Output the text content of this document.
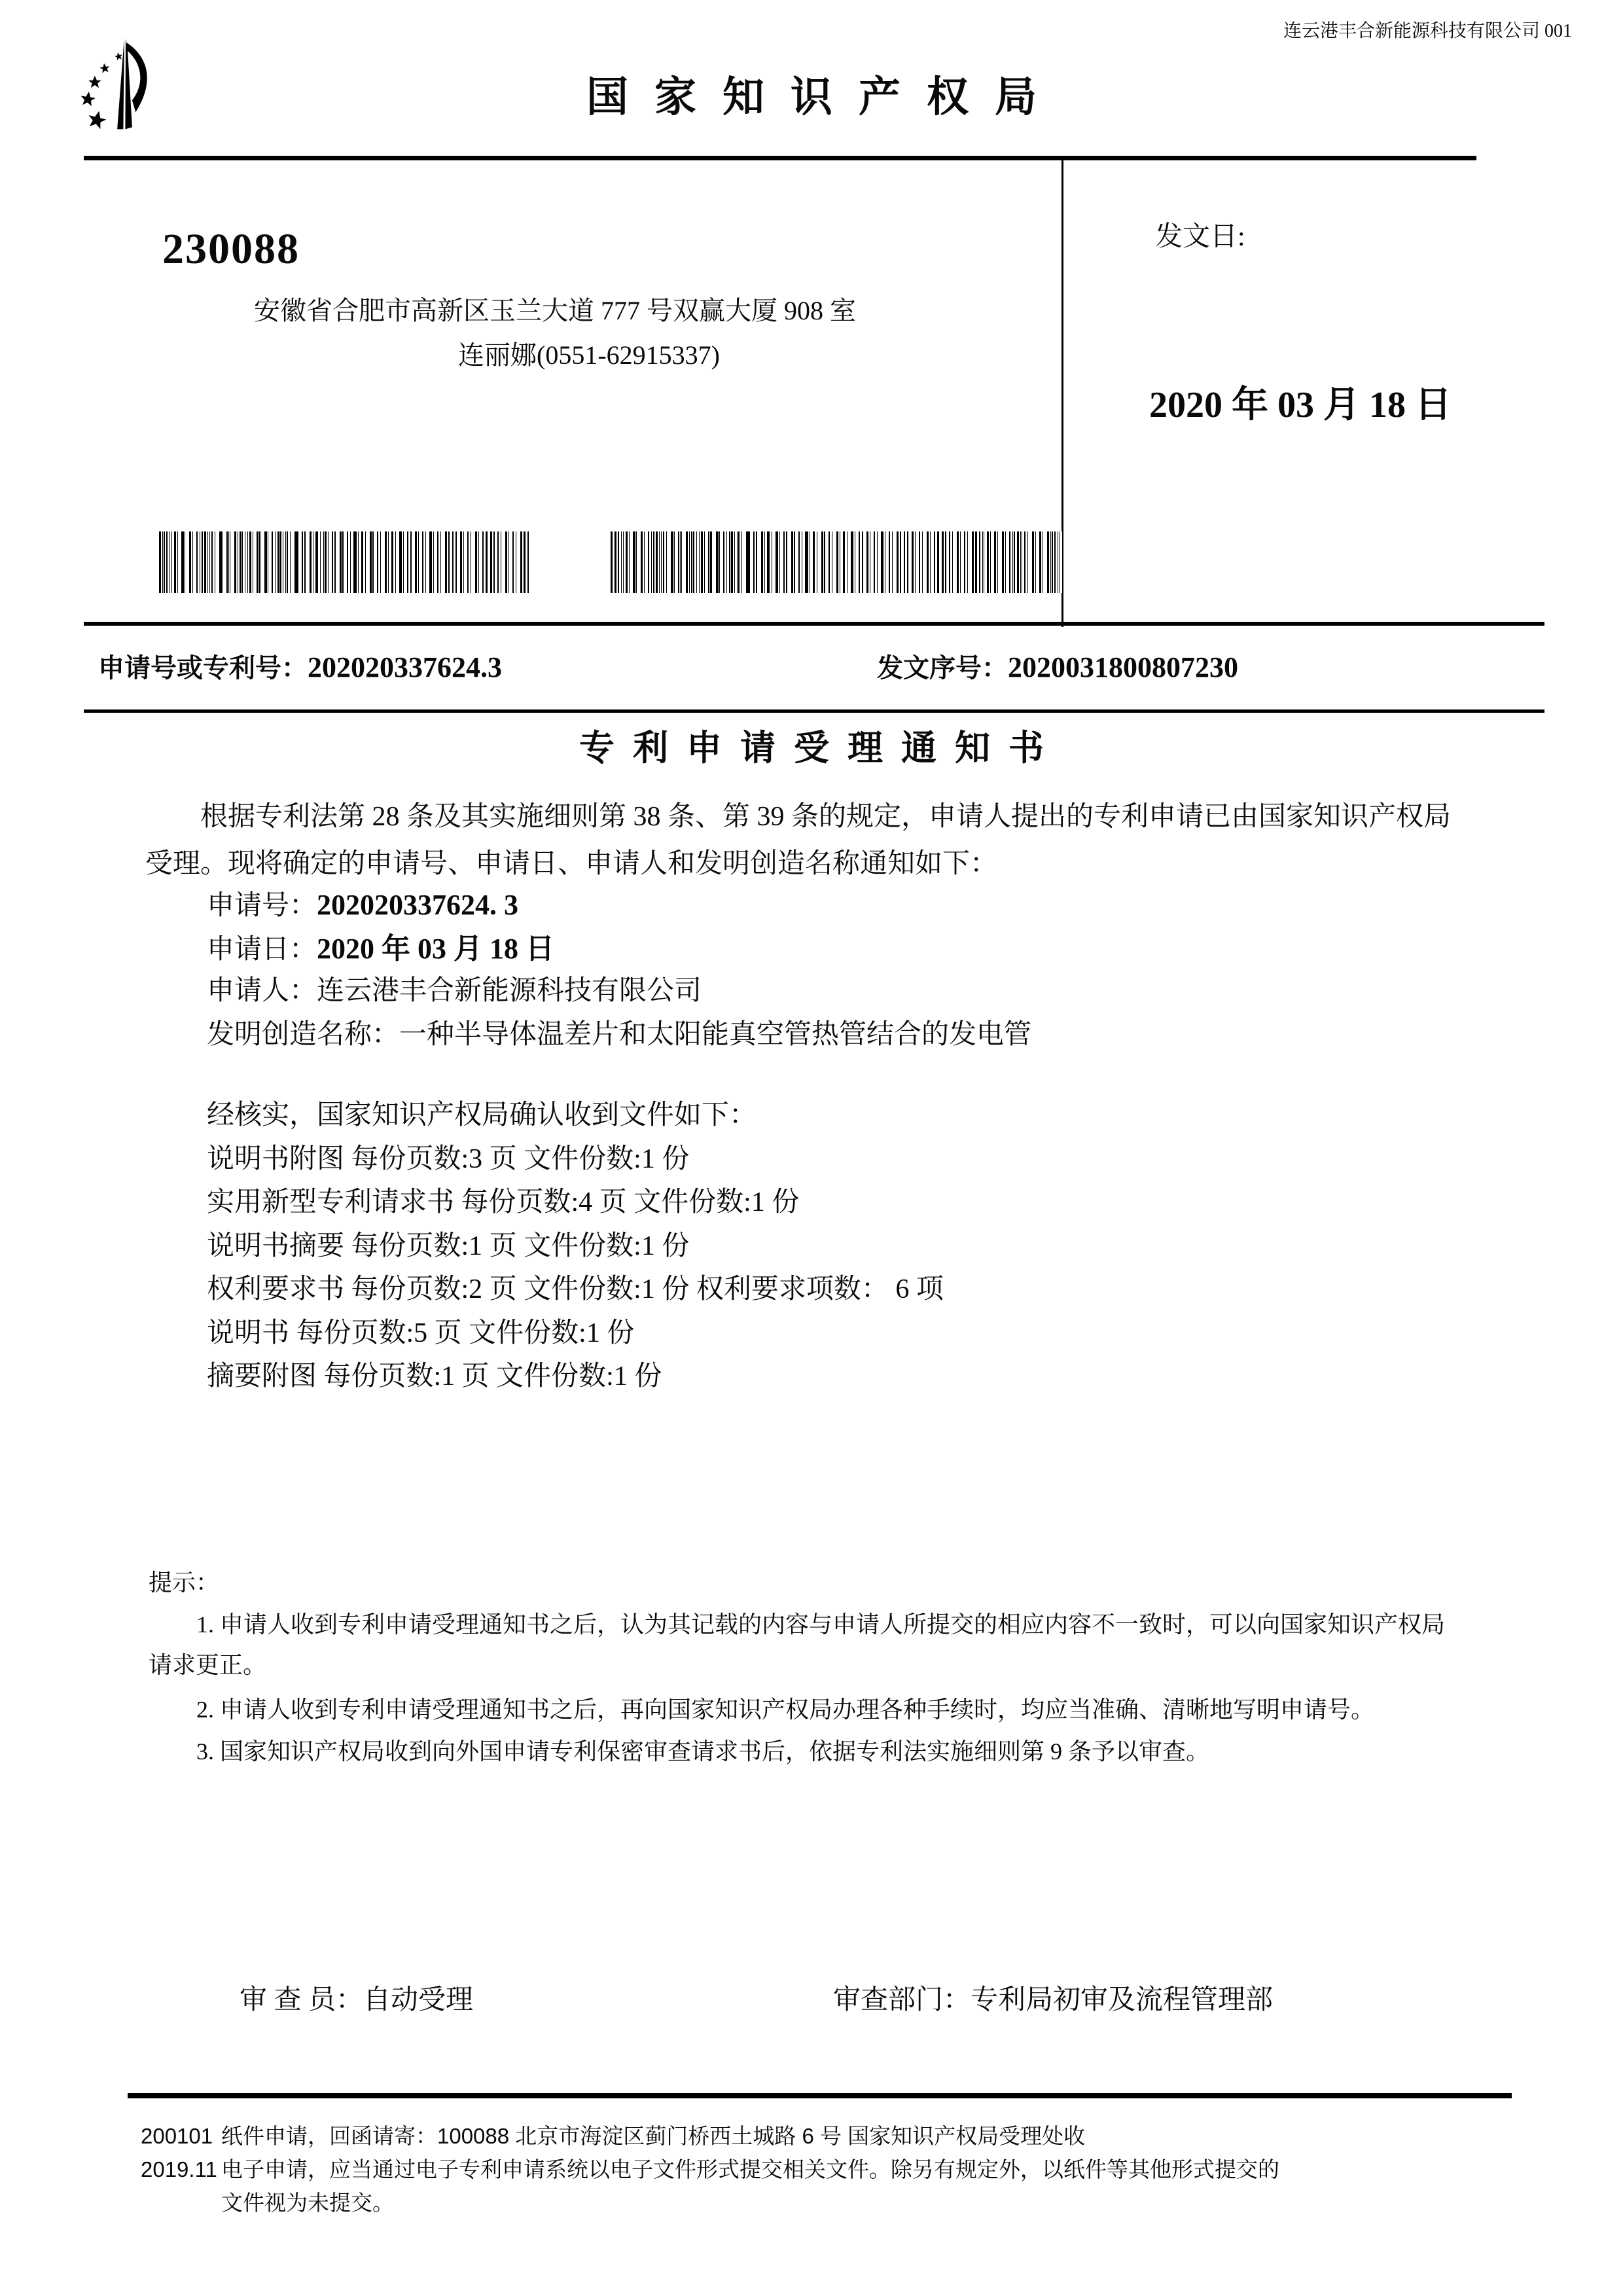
连云港丰合新能源科技有限公司 001
国家知识产权局
230088
安徽省合肥市高新区玉兰大道 777 号双赢大厦 908 室
连丽娜(0551-62915337)
发文日:
2020 年 03 月 18 日
申请号或专利号：202020337624.3	发文序号：2020031800807230
专利申请受理通知书
根据专利法第 28 条及其实施细则第 38 条、第 39 条的规定，申请人提出的专利申请已由国家知识产权局
受理。现将确定的申请号、申请日、申请人和发明创造名称通知如下：
申请号：202020337624. 3
申请日：2020 年 03 月 18 日
申请人：连云港丰合新能源科技有限公司
发明创造名称：一种半导体温差片和太阳能真空管热管结合的发电管
经核实，国家知识产权局确认收到文件如下：
说明书附图 每份页数:3 页 文件份数:1 份
实用新型专利请求书 每份页数:4 页 文件份数:1 份
说明书摘要 每份页数:1 页 文件份数:1 份
权利要求书 每份页数:2 页 文件份数:1 份 权利要求项数： 6 项
说明书 每份页数:5 页 文件份数:1 份
摘要附图 每份页数:1 页 文件份数:1 份
提示：
1. 申请人收到专利申请受理通知书之后，认为其记载的内容与申请人所提交的相应内容不一致时，可以向国家知识产权局
请求更正。
2. 申请人收到专利申请受理通知书之后，再向国家知识产权局办理各种手续时，均应当准确、清晰地写明申请号。
3. 国家知识产权局收到向外国申请专利保密审查请求书后，依据专利法实施细则第 9 条予以审查。
审 查 员：自动受理	审查部门：专利局初审及流程管理部
200101
2019.11
纸件申请，回函请寄：100088 北京市海淀区蓟门桥西土城路 6 号 国家知识产权局受理处收
电子申请，应当通过电子专利申请系统以电子文件形式提交相关文件。除另有规定外，以纸件等其他形式提交的
文件视为未提交。
